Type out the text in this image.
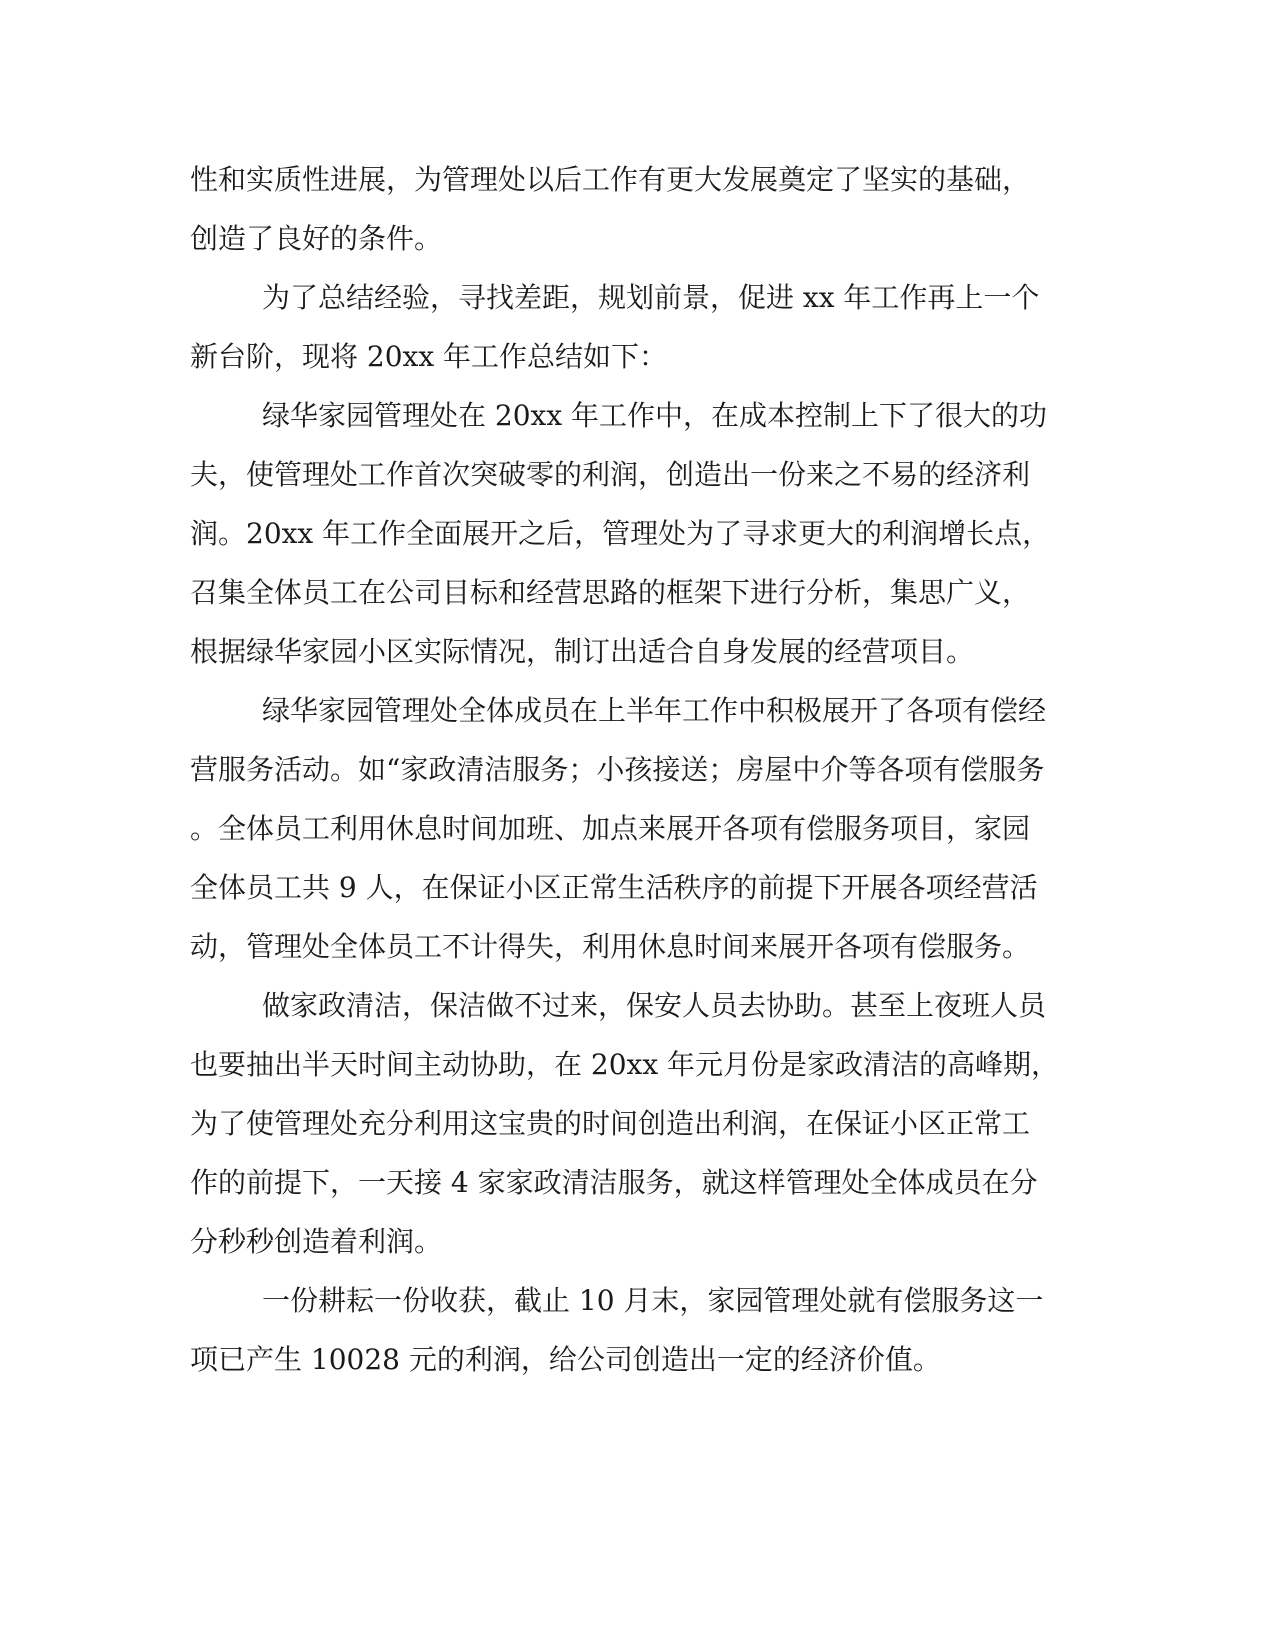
性和实质性进展，为管理处以后工作有更大发展奠定了坚实的基础，
创造了良好的条件。
为了总结经验，寻找差距，规划前景，促进 xx 年工作再上一个
新台阶，现将 20xx 年工作总结如下：
绿华家园管理处在 20xx 年工作中，在成本控制上下了很大的功
夫，使管理处工作首次突破零的利润，创造出一份来之不易的经济利
润。20xx 年工作全面展开之后，管理处为了寻求更大的利润增长点，
召集全体员工在公司目标和经营思路的框架下进行分析，集思广义，
根据绿华家园小区实际情况，制订出适合自身发展的经营项目。
绿华家园管理处全体成员在上半年工作中积极展开了各项有偿经
营服务活动。如“家政清洁服务；小孩接送；房屋中介等各项有偿服务
。全体员工利用休息时间加班、加点来展开各项有偿服务项目，家园
全体员工共 9 人，在保证小区正常生活秩序的前提下开展各项经营活
动，管理处全体员工不计得失，利用休息时间来展开各项有偿服务。
做家政清洁，保洁做不过来，保安人员去协助。甚至上夜班人员
也要抽出半天时间主动协助，在 20xx 年元月份是家政清洁的高峰期，
为了使管理处充分利用这宝贵的时间创造出利润，在保证小区正常工
作的前提下，一天接 4 家家政清洁服务，就这样管理处全体成员在分
分秒秒创造着利润。
一份耕耘一份收获，截止 10 月末，家园管理处就有偿服务这一
项已产生 10028 元的利润，给公司创造出一定的经济价值。
